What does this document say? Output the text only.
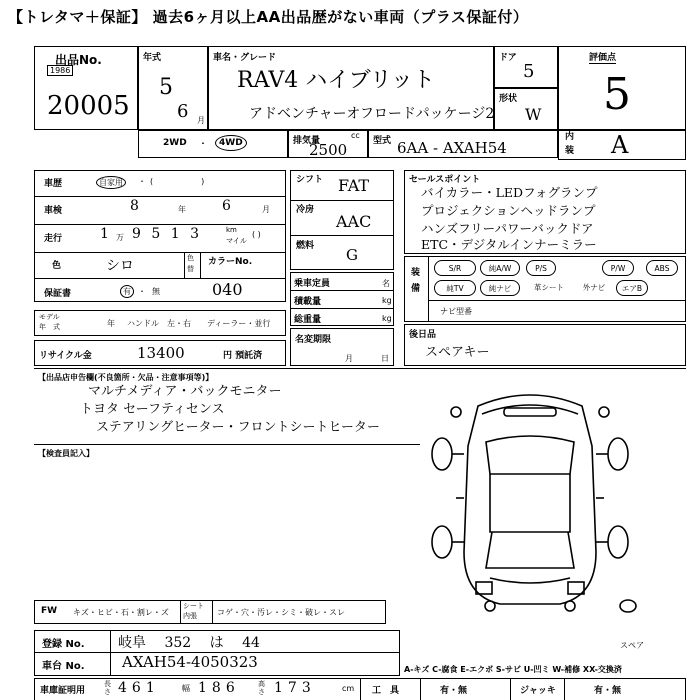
【トレタマ＋保証】 過去6ヶ月以上AA出品歴がない車両（プラス保証付）
出品No.
1986
20005
年式
5
6 月
車名・グレード
RAV4 ハイブリット
アドベンチャーオフロードパッケージ2
ドア
5
形状
W
評価点
5
2WD ・	4WD	排気量
cc
2500	型式 6AA - AXAH54
内
装 A
車歴	自家用	・ (　　　　　　)
車検	8	年	6	月
走行	1 万 9 5 1 3	km
マイル
( )
色	シロ	色
替
カラーNo.
保証書	有 ・ 無	040
モデル
年　式	年 ハンドル　左・右 ディーラー・並行
リサイクル金	13400	円 預託済
シフト FAT
冷房
AAC
燃料 G
乗車定員	名
積載量	kg
総重量	kg
名変期限
月	日
セールスポイント
バイカラー・LEDフォグランプ
プロジェクションヘッドランプ
ハンズフリーパワーバックドア
ETC・デジタルインナーミラー
装備
S/R	純A/W	P/S	P/W	ABS
純TV	純ナビ	革シート	外ナビ	エアB
ナビ型番
後日品
スペアキー
【出品店申告欄(不良箇所・欠品・注意事項等)】
マルチメディア・バックモニター
トヨタ セーフティセンス
ステアリングヒーター・フロントシートヒーター
【検査員記入】
スペア
FW キズ・ヒビ・石・割レ・ズ
シート
内張	コゲ・穴・汚レ・シミ・破レ・スレ
登録 No. 岐阜 352 は 44
車台 No. AXAH54-4050323	A-キズ C-腐食 E-エクボ S-サビ U-凹ミ W-補修 XX-交換済
車庫証明用
長さ 461	幅 186	高さ 173	cm 工　具	有・無	ジャッキ	有・無
